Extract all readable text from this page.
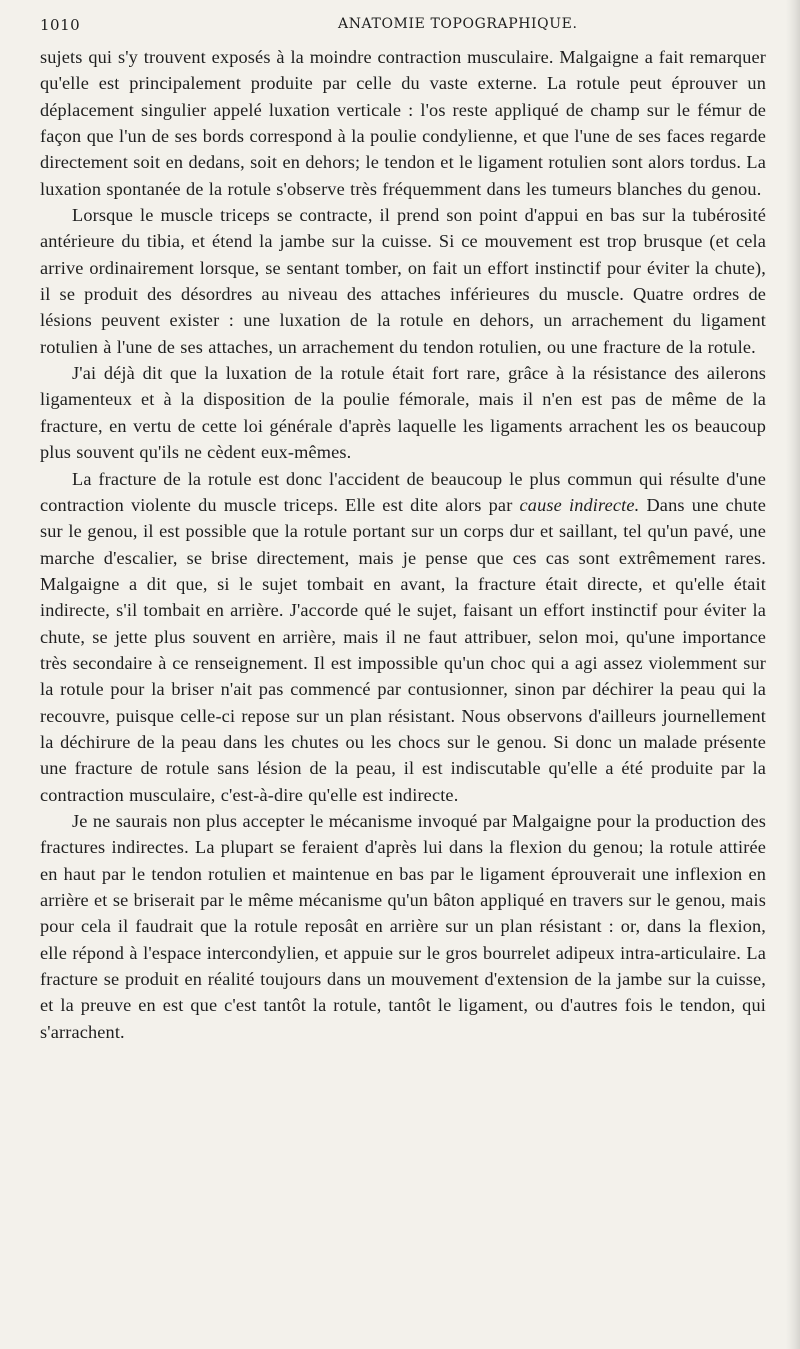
1010	ANATOMIE TOPOGRAPHIQUE.

sujets qui s'y trouvent exposés à la moindre contraction musculaire. Malgaigne a fait remarquer qu'elle est principalement produite par celle du vaste externe. La rotule peut éprouver un déplacement singulier appelé luxation verticale : l'os reste appliqué de champ sur le fémur de façon que l'un de ses bords correspond à la poulie condylienne, et que l'une de ses faces regarde directement soit en dedans, soit en dehors; le tendon et le ligament rotulien sont alors tordus. La luxation spontanée de la rotule s'observe très fréquemment dans les tumeurs blanches du genou.

Lorsque le muscle triceps se contracte, il prend son point d'appui en bas sur la tubérosité antérieure du tibia, et étend la jambe sur la cuisse. Si ce mouvement est trop brusque (et cela arrive ordinairement lorsque, se sentant tomber, on fait un effort instinctif pour éviter la chute), il se produit des désordres au niveau des attaches inférieures du muscle. Quatre ordres de lésions peuvent exister : une luxation de la rotule en dehors, un arrachement du ligament rotulien à l'une de ses attaches, un arrachement du tendon rotulien, ou une fracture de la rotule.

J'ai déjà dit que la luxation de la rotule était fort rare, grâce à la résistance des ailerons ligamenteux et à la disposition de la poulie fémorale, mais il n'en est pas de même de la fracture, en vertu de cette loi générale d'après laquelle les ligaments arrachent les os beaucoup plus souvent qu'ils ne cèdent eux-mêmes.

La fracture de la rotule est donc l'accident de beaucoup le plus commun qui résulte d'une contraction violente du muscle triceps. Elle est dite alors par cause indirecte. Dans une chute sur le genou, il est possible que la rotule portant sur un corps dur et saillant, tel qu'un pavé, une marche d'escalier, se brise directement, mais je pense que ces cas sont extrêmement rares. Malgaigne a dit que, si le sujet tombait en avant, la fracture était directe, et qu'elle était indirecte, s'il tombait en arrière. J'accorde qué le sujet, faisant un effort instinctif pour éviter la chute, se jette plus souvent en arrière, mais il ne faut attribuer, selon moi, qu'une importance très secondaire à ce renseignement. Il est impossible qu'un choc qui a agi assez violemment sur la rotule pour la briser n'ait pas commencé par contusionner, sinon par déchirer la peau qui la recouvre, puisque celle-ci repose sur un plan résistant. Nous observons d'ailleurs journellement la déchirure de la peau dans les chutes ou les chocs sur le genou. Si donc un malade présente une fracture de rotule sans lésion de la peau, il est indiscutable qu'elle a été produite par la contraction musculaire, c'est-à-dire qu'elle est indirecte.

Je ne saurais non plus accepter le mécanisme invoqué par Malgaigne pour la production des fractures indirectes. La plupart se feraient d'après lui dans la flexion du genou; la rotule attirée en haut par le tendon rotulien et maintenue en bas par le ligament éprouverait une inflexion en arrière et se briserait par le même mécanisme qu'un bâton appliqué en travers sur le genou, mais pour cela il faudrait que la rotule reposât en arrière sur un plan résistant : or, dans la flexion, elle répond à l'espace intercondylien, et appuie sur le gros bourrelet adipeux intra-articulaire. La fracture se produit en réalité toujours dans un mouvement d'extension de la jambe sur la cuisse, et la preuve en est que c'est tantôt la rotule, tantôt le ligament, ou d'autres fois le tendon, qui s'arrachent.
